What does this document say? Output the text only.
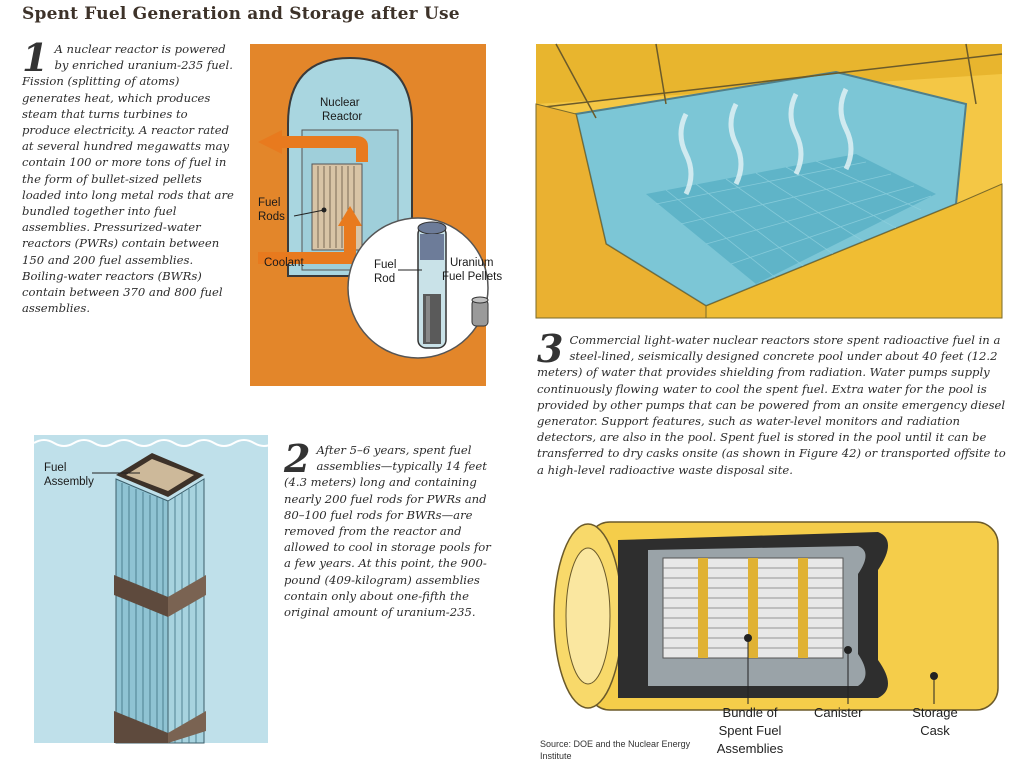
Spent Fuel Generation and Storage after Use
1 A nuclear reactor is powered by enriched uranium-235 fuel. Fission (splitting of atoms) generates heat, which produces steam that turns turbines to produce electricity. A reactor rated at several hundred megawatts may contain 100 or more tons of fuel in the form of bullet-sized pellets loaded into long metal rods that are bundled together into fuel assemblies. Pressurized-water reactors (PWRs) contain between 150 and 200 fuel assemblies. Boiling-water reactors (BWRs) contain between 370 and 800 fuel assemblies.
Nuclear
Reactor
Fuel
Rods
Coolant	Fuel
Rod
Uranium
Fuel Pellets
3 Commercial light-water nuclear reactors store spent radioactive fuel in a steel-lined, seismically designed concrete pool under about 40 feet (12.2 meters) of water that provides shielding from radiation. Water pumps supply continuously flowing water to cool the spent fuel. Extra water for the pool is provided by other pumps that can be powered from an onsite emergency diesel generator. Support features, such as water-level monitors and radiation detectors, are also in the pool. Spent fuel is stored in the pool until it can be transferred to dry casks onsite (as shown in Figure 42) or transported offsite to a high-level radioactive waste disposal site.
Fuel
Assembly
2 After 5–6 years, spent fuel assemblies—typically 14 feet (4.3 meters) long and containing nearly 200 fuel rods for PWRs and 80–100 fuel rods for BWRs—are removed from the reactor and allowed to cool in storage pools for a few years. At this point, the 900-pound (409-kilogram) assemblies contain only about one-fifth the original amount of uranium-235.
Bundle of Spent Fuel Assemblies
Canister	Storage Cask
Source: DOE and the Nuclear Energy Institute
